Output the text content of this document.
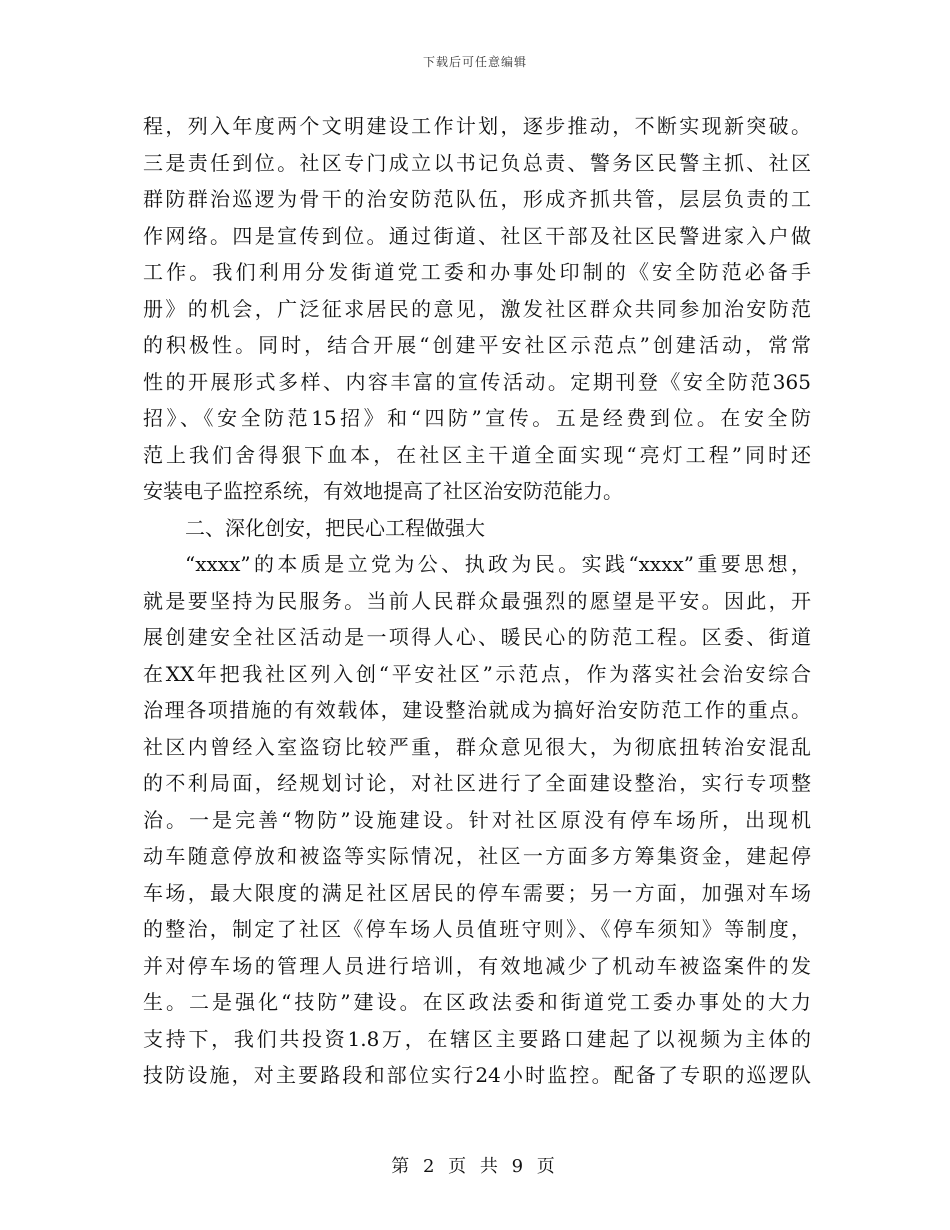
下载后可任意编辑
程，列入年度两个文明建设工作计划，逐步推动，不断实现新突破。
三是责任到位。社区专门成立以书记负总责、警务区民警主抓、社区
群防群治巡逻为骨干的治安防范队伍，形成齐抓共管，层层负责的工
作网络。四是宣传到位。通过街道、社区干部及社区民警进家入户做
工作。我们利用分发街道党工委和办事处印制的《安全防范必备手
册》的机会，广泛征求居民的意见，激发社区群众共同参加治安防范
的积极性。同时，结合开展“创建平安社区示范点”创建活动，常常
性的开展形式多样、内容丰富的宣传活动。定期刊登《安全防范365
招》、《安全防范15招》和“四防”宣传。五是经费到位。在安全防
范上我们舍得狠下血本，在社区主干道全面实现“亮灯工程”同时还
安装电子监控系统，有效地提高了社区治安防范能力。
二、深化创安，把民心工程做强大
“xxxx”的本质是立党为公、执政为民。实践“xxxx”重要思想，
就是要坚持为民服务。当前人民群众最强烈的愿望是平安。因此，开
展创建安全社区活动是一项得人心、暖民心的防范工程。区委、街道
在XX年把我社区列入创“平安社区”示范点，作为落实社会治安综合
治理各项措施的有效载体，建设整治就成为搞好治安防范工作的重点。
社区内曾经入室盗窃比较严重，群众意见很大，为彻底扭转治安混乱
的不利局面，经规划讨论，对社区进行了全面建设整治，实行专项整
治。一是完善“物防”设施建设。针对社区原没有停车场所，出现机
动车随意停放和被盗等实际情况，社区一方面多方筹集资金，建起停
车场，最大限度的满足社区居民的停车需要；另一方面，加强对车场
的整治，制定了社区《停车场人员值班守则》、《停车须知》等制度，
并对停车场的管理人员进行培训，有效地减少了机动车被盗案件的发
生。二是强化“技防”建设。在区政法委和街道党工委办事处的大力
支持下，我们共投资1.8万，在辖区主要路口建起了以视频为主体的
技防设施，对主要路段和部位实行24小时监控。配备了专职的巡逻队
第 2 页 共 9 页
